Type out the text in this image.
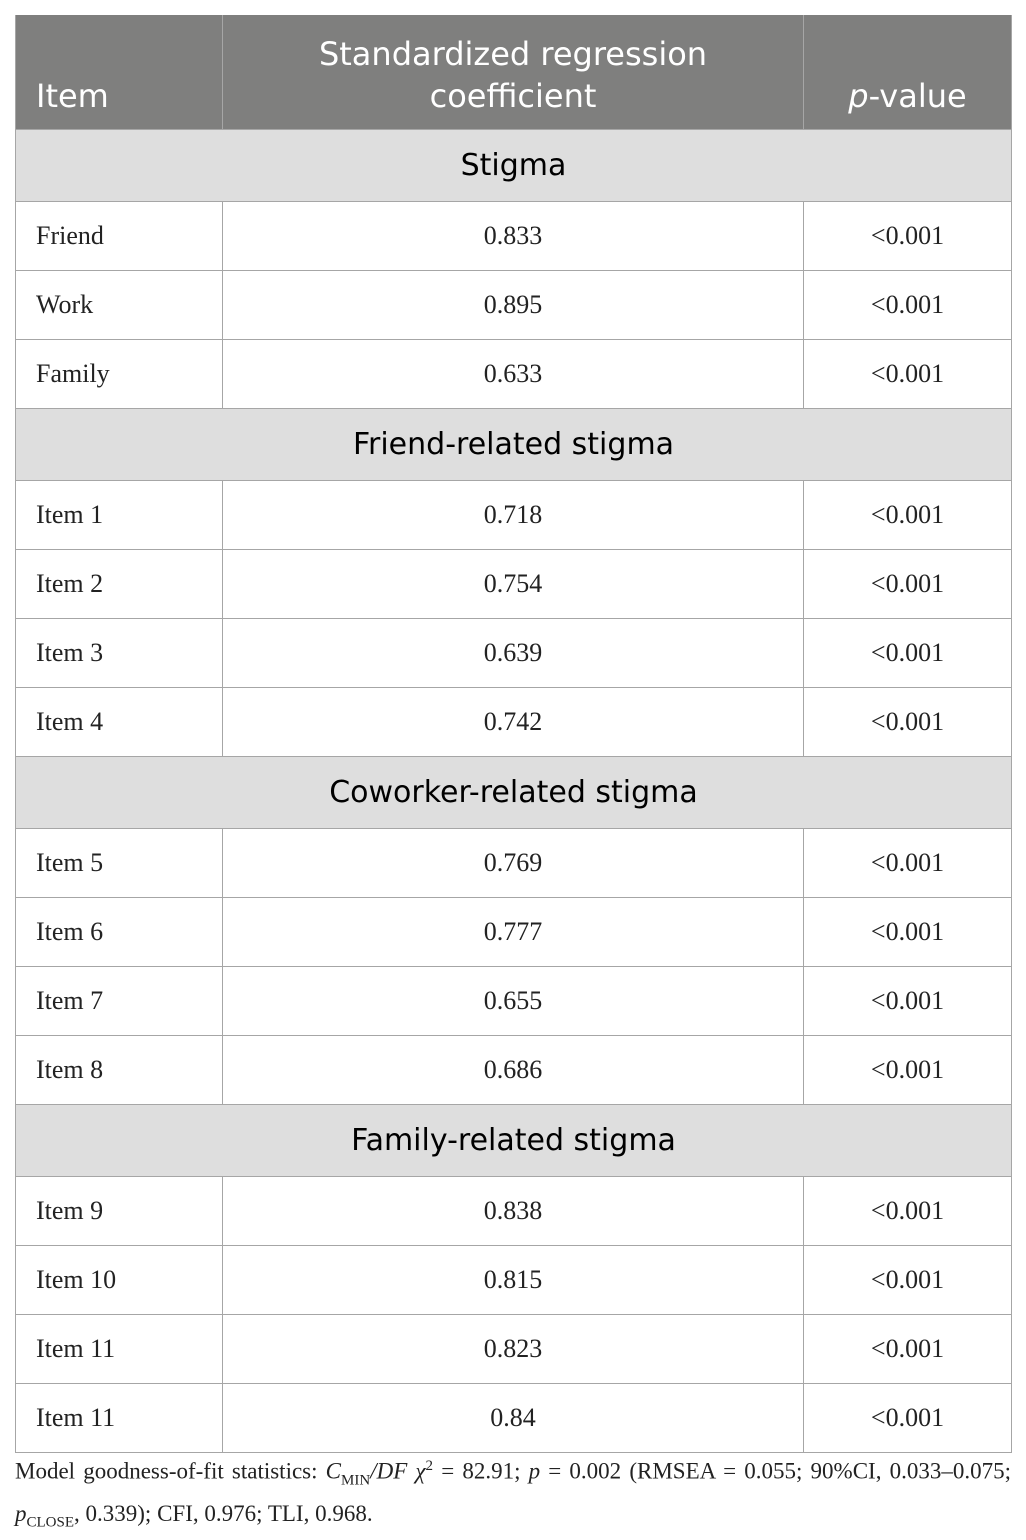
Item	Standardized regression coefficient	p-value
Stigma		
Friend	0.833	<0.001
Work	0.895	<0.001
Family	0.633	<0.001
Friend-related stigma		
Item 1	0.718	<0.001
Item 2	0.754	<0.001
Item 3	0.639	<0.001
Item 4	0.742	<0.001
Coworker-related stigma		
Item 5	0.769	<0.001
Item 6	0.777	<0.001
Item 7	0.655	<0.001
Item 8	0.686	<0.001
Family-related stigma		
Item 9	0.838	<0.001
Item 10	0.815	<0.001
Item 11	0.823	<0.001
Item 11	0.84	<0.001
Model goodness-of-fit statistics: $C_{MIN}/DF$ $\chi^2 = 82.91$; p = 0.002 (RMSEA = 0.055; 90%CI, 0.033–0.075; $p_{CLOSE}$, 0.339); CFI, 0.976; TLI, 0.968.
